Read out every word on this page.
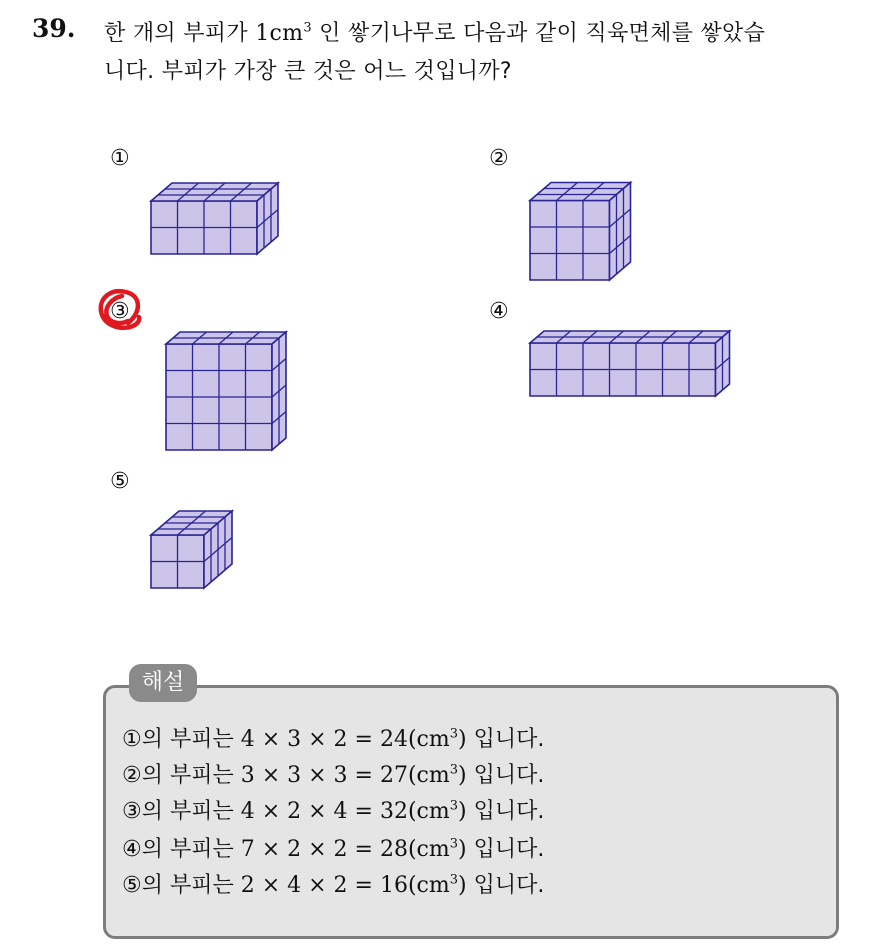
39. 한 개의 부피가 $1cm^3$ 인 쌓기나무로 다음과 같이 직육면체를 쌓았습
니다. 부피가 가장 큰 것은 어느 것입니까?
①	②
③	④
⑤
해설
①의 부피는 $4 \times 3 \times 2 = 24(cm^3)$ 입니다.
②의 부피는 $3 \times 3 \times 3 = 27(cm^3)$ 입니다.
③의 부피는 $4 \times 2 \times 4 = 32(cm^3)$ 입니다.
④의 부피는 $7 \times 2 \times 2 = 28(cm^3)$ 입니다.
⑤의 부피는 $2 \times 4 \times 2 = 16(cm^3)$ 입니다.
